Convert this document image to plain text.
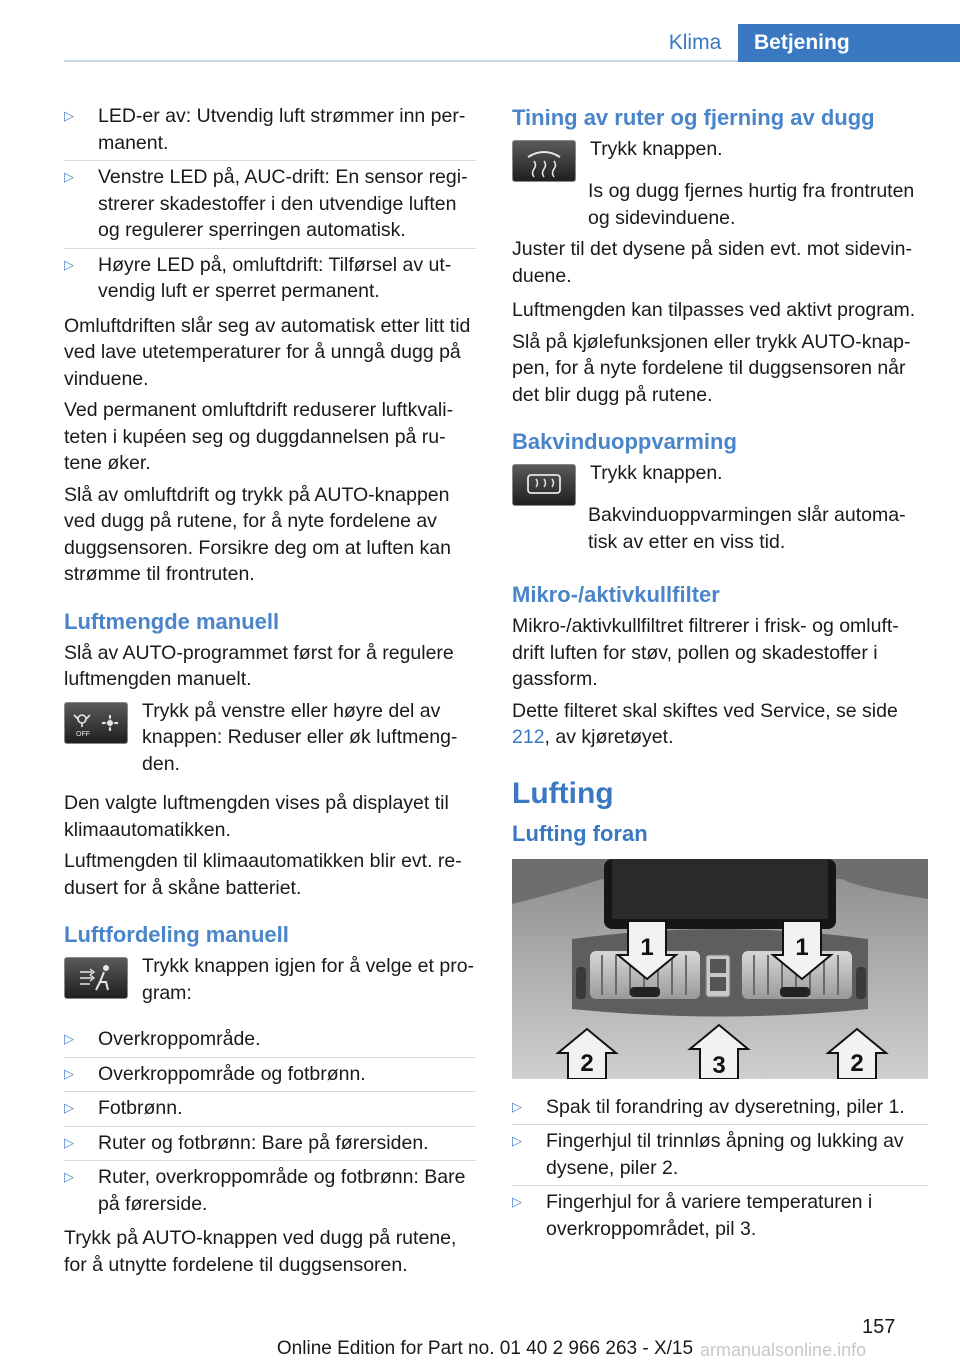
Klima	Betjening
▷	LED-er av: Utvendig luft strømmer inn per-manent.
▷	Venstre LED på, AUC-drift: En sensor regi-strerer skadestoffer i den utvendige luften og regulerer sperringen automatisk.
▷	Høyre LED på, omluftdrift: Tilførsel av ut-vendig luft er sperret permanent.

Omluftdriften slår seg av automatisk etter litt tid ved lave utetemperaturer for å unngå dugg på vinduene.

Ved permanent omluftdrift reduserer luftkvali-teten i kupéen seg og duggdannelsen på ru-tene øker.

Slå av omluftdrift og trykk på AUTO-knappen ved dugg på rutene, for å nyte fordelene av duggsensoren. Forsikre deg om at luften kan strømme til frontruten.

Luftmengde manuell

Slå av AUTO-programmet først for å regulere luftmengden manuelt.

OFF

Trykk på venstre eller høyre del av knappen: Reduser eller øk luftmeng-den.

Den valgte luftmengden vises på displayet til klimaautomatikken.

Luftmengden til klimaautomatikken blir evt. re-dusert for å skåne batteriet.

Luftfordeling manuell

Trykk knappen igjen for å velge et pro-gram:

▷	Overkroppområde.
▷	Overkroppområde og fotbrønn.
▷	Fotbrønn.
▷	Ruter og fotbrønn: Bare på førersiden.
▷	Ruter, overkroppområde og fotbrønn: Bare på førerside.

Trykk på AUTO-knappen ved dugg på rutene, for å utnytte fordelene til duggsensoren.

Tining av ruter og fjerning av dugg

Trykk knappen.

Is og dugg fjernes hurtig fra frontruten og sidevinduene.

Juster til det dysene på siden evt. mot sidevin-duene.

Luftmengden kan tilpasses ved aktivt program.

Slå på kjølefunksjonen eller trykk AUTO-knap-pen, for å nyte fordelene til duggsensoren når det blir dugg på rutene.

Bakvinduoppvarming

Trykk knappen.

Bakvinduoppvarmingen slår automa-tisk av etter en viss tid.

Mikro-/aktivkullfilter

Mikro-/aktivkullfiltret filtrerer i frisk- og omluft-drift luften for støv, pollen og skadestoffer i gassform.

Dette filteret skal skiftes ved Service, se side 212, av kjøretøyet.

Lufting
Lufting foran
1	1
2	2
3
▷	Spak til forandring av dyseretning, piler 1.
▷	Fingerhjul til trinnløs åpning og lukking av dysene, piler 2.
▷	Fingerhjul for å variere temperaturen i overkroppområdet, pil 3.
157
Online Edition for Part no. 01 40 2 966 263 - X/15 armanualsonline.info
